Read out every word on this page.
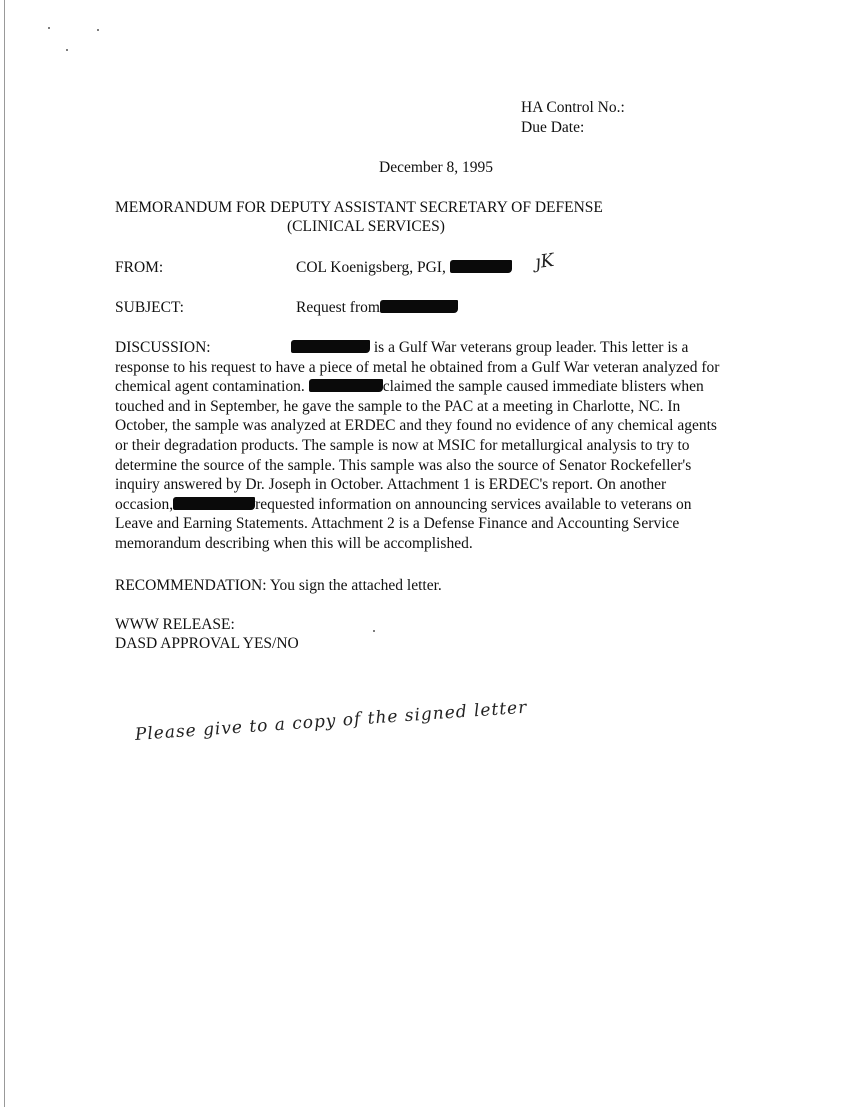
HA Control No.:
Due Date:
December 8, 1995
MEMORANDUM FOR DEPUTY ASSISTANT SECRETARY OF DEFENSE
(CLINICAL SERVICES)
FROM:	COL Koenigsberg, PGI,	ȷK
SUBJECT:	Request from
DISCUSSION:	is a Gulf War veterans group leader. This letter is a
response to his request to have a piece of metal he obtained from a Gulf War veteran analyzed for
chemical agent contamination.	claimed the sample caused immediate blisters when
touched and in September, he gave the sample to the PAC at a meeting in Charlotte, NC. In
October, the sample was analyzed at ERDEC and they found no evidence of any chemical agents
or their degradation products. The sample is now at MSIC for metallurgical analysis to try to
determine the source of the sample. This sample was also the source of Senator Rockefeller's
inquiry answered by Dr. Joseph in October. Attachment 1 is ERDEC's report. On another
occasion,	requested information on announcing services available to veterans on
Leave and Earning Statements. Attachment 2 is a Defense Finance and Accounting Service
memorandum describing when this will be accomplished.
RECOMMENDATION: You sign the attached letter.
WWW RELEASE:
DASD APPROVAL YES/NO
Please give to a copy of the signed letter
